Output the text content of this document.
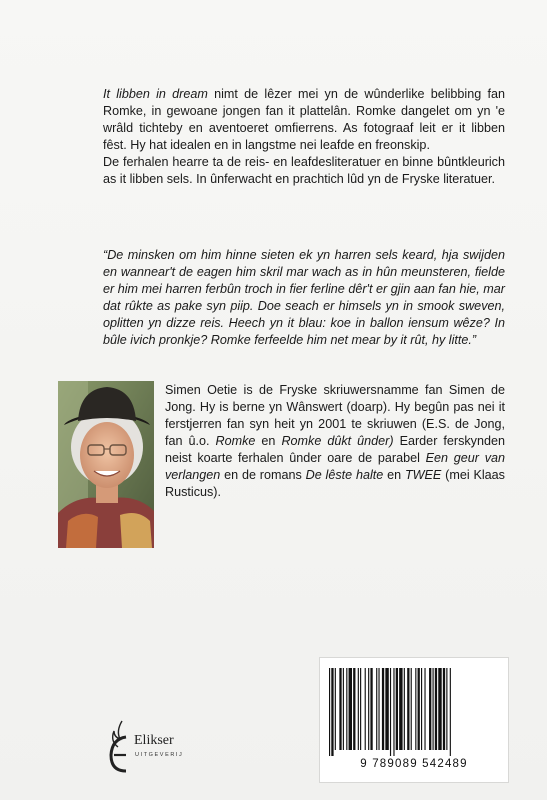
It libben in dream nimt de lêzer mei yn de wûnderlike belibbing fan Romke, in gewoane jongen fan it plattelân. Romke dangelet om yn 'e wrâld tichteby en aventoeret omfierrens. As fotograaf leit er it libben fêst. Hy hat idealen en in langstme nei leafde en freonskip.

De ferhalen hearre ta de reis- en leafdesliteratuer en binne bûntkleurich as it libben sels. In ûnferwacht en prachtich lûd yn de Fryske literatuer.

“De minsken om him hinne sieten ek yn harren sels keard, hja swijden en wannear't de eagen him skril mar wach as in hûn meunsteren, fielde er him mei harren ferbûn troch in fier ferline dêr't er gjin aan fan hie, mar dat rûkte as pake syn piip. Doe seach er himsels yn in smook sweven, oplitten yn dizze reis. Heech yn it blau: koe in ballon iensum wêze? In bûle ivich pronkje? Romke ferfeelde him net mear by it rût, hy litte.”
Simen Oetie is de Fryske skriuwersnamme fan Simen de Jong. Hy is berne yn Wânswert (doarp). Hy begûn pas nei it ferstjerren fan syn heit yn 2001 te skriuwen (E.S. de Jong, fan û.o. Romke en Romke dûkt ûnder) Earder ferskynden neist koarte ferhalen ûnder oare de parabel Een geur van verlangen en de romans De lêste halte en TWEE (mei Klaas Rusticus).
Elikser
UITGEVERIJ
9 789089 542489
